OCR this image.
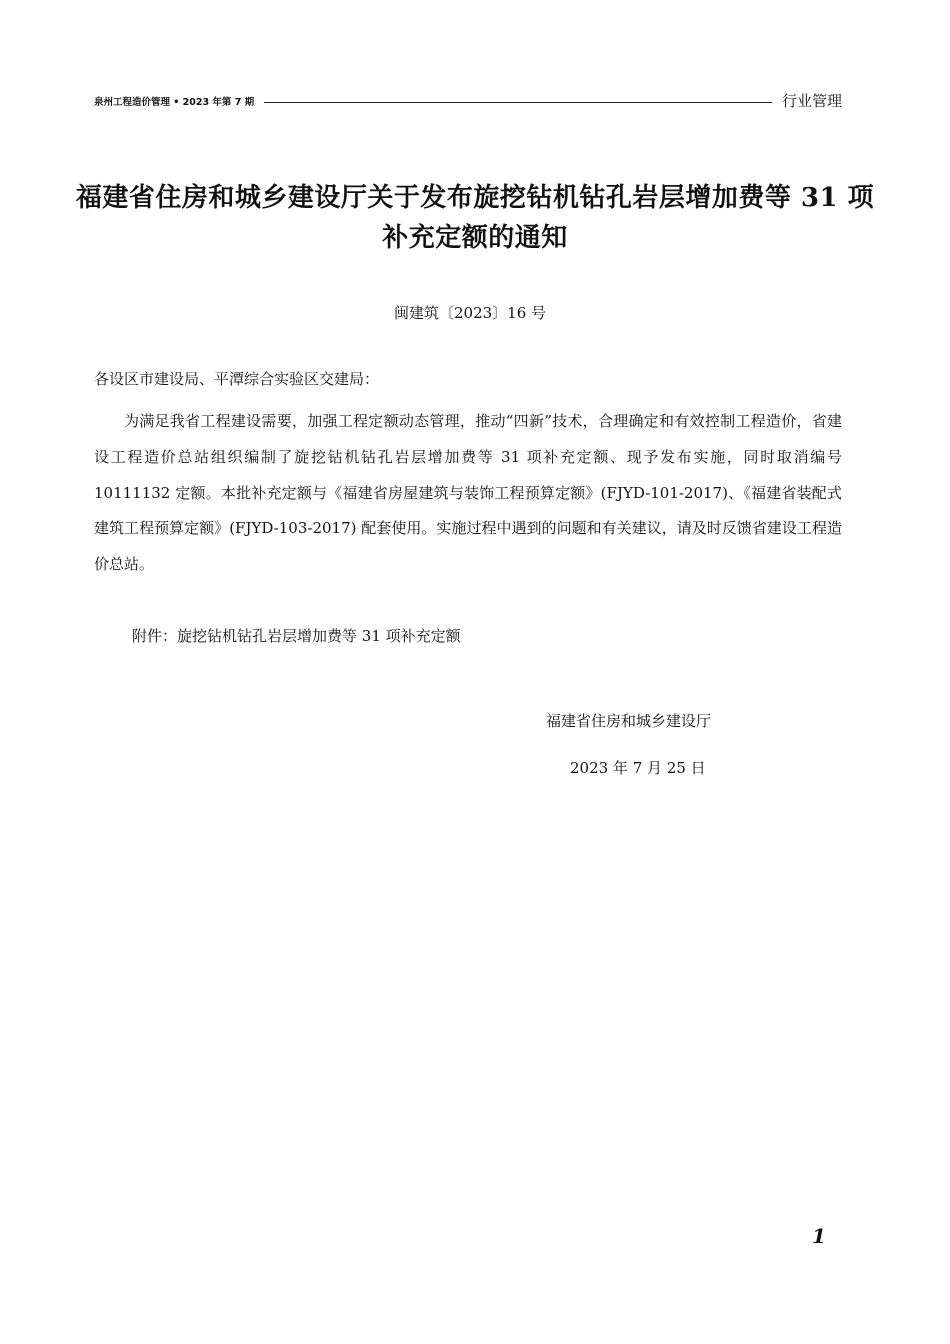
泉州工程造价管理 • 2023 年第 7 期	行业管理
福建省住房和城乡建设厅关于发布旋挖钻机钻孔岩层增加费等 31 项补充定额的通知
闽建筑〔2023〕16 号
各设区市建设局、平潭综合实验区交建局：
为满足我省工程建设需要，加强工程定额动态管理，推动“四新”技术，合理确定和有效控制工程造价，省建设工程造价总站组织编制了旋挖钻机钻孔岩层增加费等 31 项补充定额、现予发布实施，同时取消编号 10111132 定额。本批补充定额与《福建省房屋建筑与装饰工程预算定额》(FJYD-101-2017)、《福建省装配式建筑工程预算定额》(FJYD-103-2017) 配套使用。实施过程中遇到的问题和有关建议，请及时反馈省建设工程造价总站。
附件：旋挖钻机钻孔岩层增加费等 31 项补充定额
福建省住房和城乡建设厅
2023 年 7 月 25 日
1
